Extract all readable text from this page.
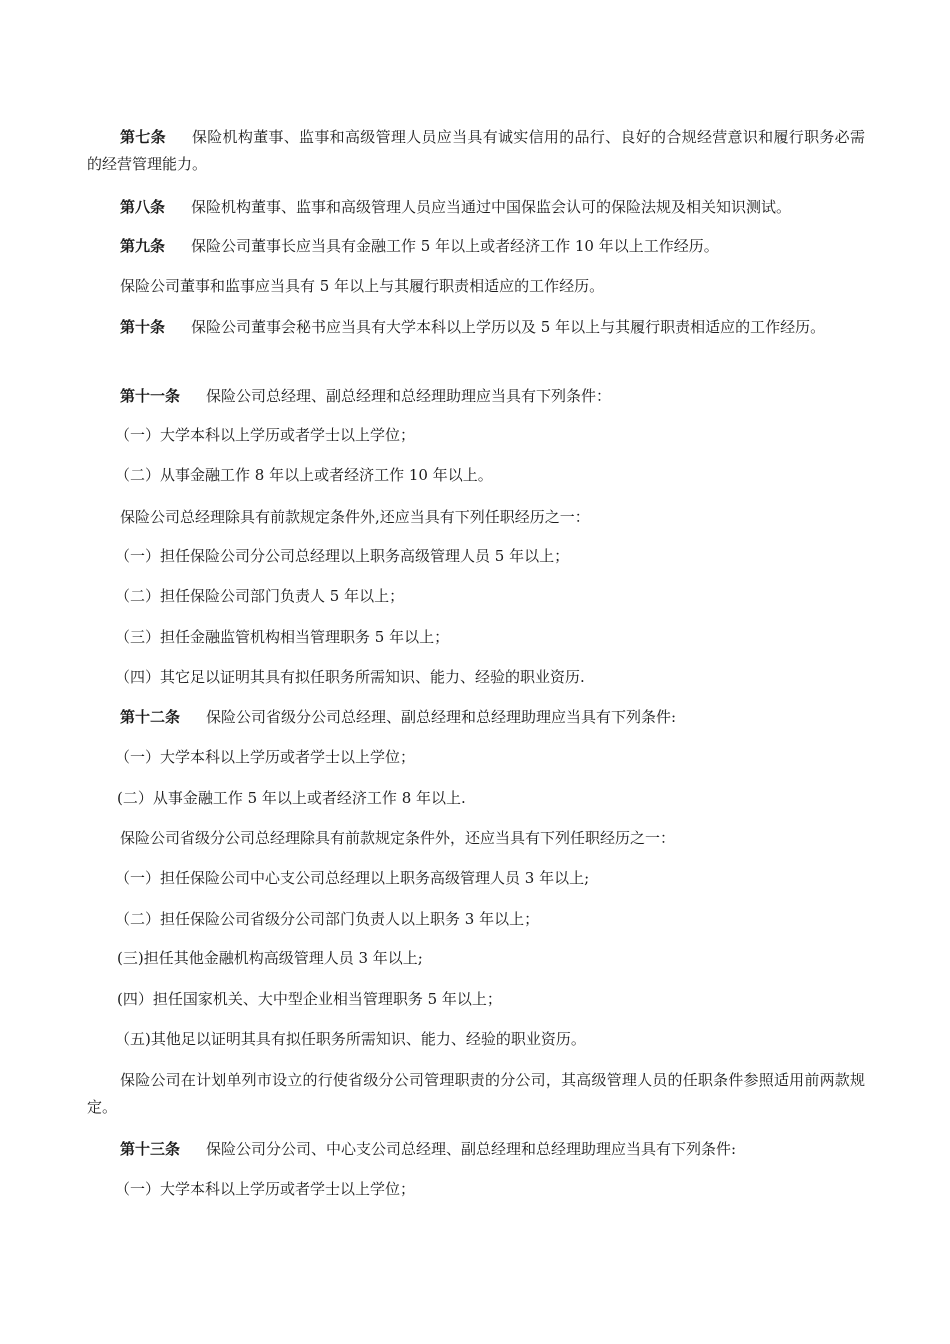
第七条 保险机构董事、监事和高级管理人员应当具有诚实信用的品行、良好的合规经营意识和履行职务必需的经营管理能力。

第八条 保险机构董事、监事和高级管理人员应当通过中国保监会认可的保险法规及相关知识测试。

第九条 保险公司董事长应当具有金融工作 5 年以上或者经济工作 10 年以上工作经历。

保险公司董事和监事应当具有 5 年以上与其履行职责相适应的工作经历。

第十条 保险公司董事会秘书应当具有大学本科以上学历以及 5 年以上与其履行职责相适应的工作经历。

第十一条 保险公司总经理、副总经理和总经理助理应当具有下列条件：

（一）大学本科以上学历或者学士以上学位；

（二）从事金融工作 8 年以上或者经济工作 10 年以上。

保险公司总经理除具有前款规定条件外,还应当具有下列任职经历之一：

（一）担任保险公司分公司总经理以上职务高级管理人员 5 年以上；

（二）担任保险公司部门负责人 5 年以上；

（三）担任金融监管机构相当管理职务 5 年以上；

（四）其它足以证明其具有拟任职务所需知识、能力、经验的职业资历.

第十二条 保险公司省级分公司总经理、副总经理和总经理助理应当具有下列条件:

（一）大学本科以上学历或者学士以上学位；

(二）从事金融工作 5 年以上或者经济工作 8 年以上.

保险公司省级分公司总经理除具有前款规定条件外，还应当具有下列任职经历之一：

（一）担任保险公司中心支公司总经理以上职务高级管理人员 3 年以上;

（二）担任保险公司省级分公司部门负责人以上职务 3 年以上；

(三)担任其他金融机构高级管理人员 3 年以上;

(四）担任国家机关、大中型企业相当管理职务 5 年以上；

（五)其他足以证明其具有拟任职务所需知识、能力、经验的职业资历。

保险公司在计划单列市设立的行使省级分公司管理职责的分公司，其高级管理人员的任职条件参照适用前两款规定。

第十三条 保险公司分公司、中心支公司总经理、副总经理和总经理助理应当具有下列条件:

（一）大学本科以上学历或者学士以上学位；
